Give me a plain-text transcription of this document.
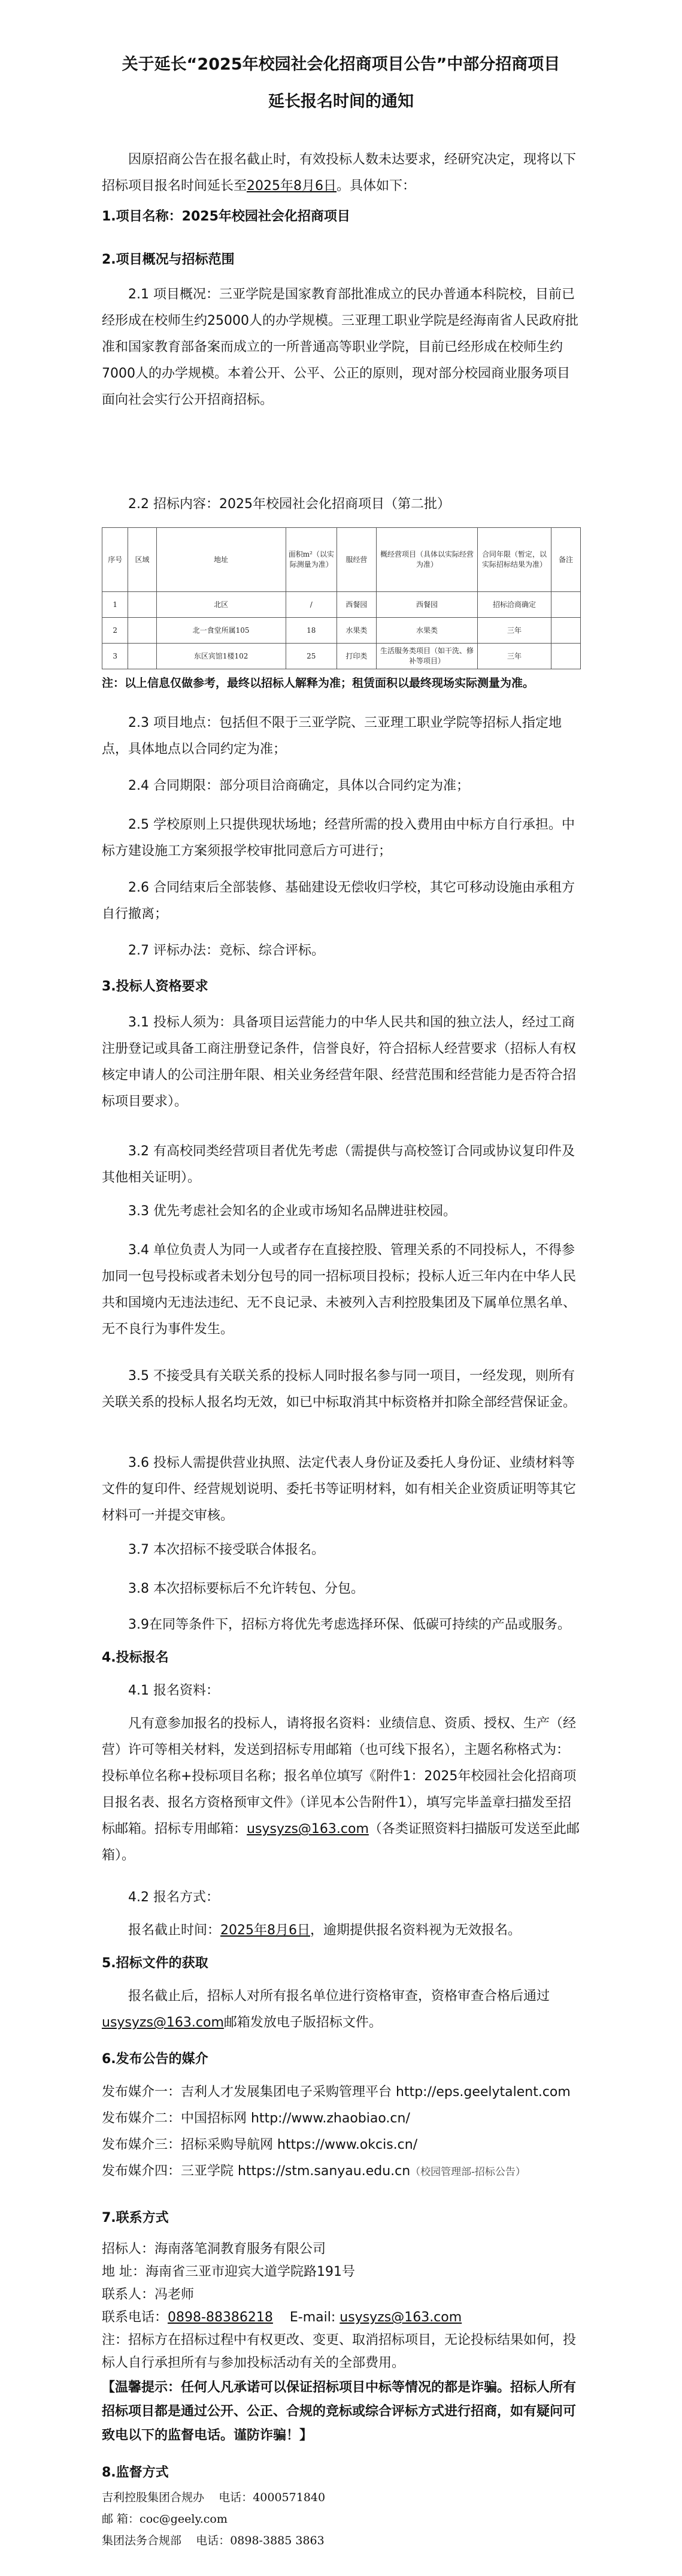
关于延长“2025年校园社会化招商项目公告”中部分招商项目
延长报名时间的通知
因原招商公告在报名截止时，有效投标人数未达要求，经研究决定，现将以下招标项目报名时间延长至2025年8月6日。具体如下：
1.项目名称：2025年校园社会化招商项目
2.项目概况与招标范围
2.1 项目概况：三亚学院是国家教育部批准成立的民办普通本科院校，目前已经形成在校师生约25000人的办学规模。三亚理工职业学院是经海南省人民政府批准和国家教育部备案而成立的一所普通高等职业学院，目前已经形成在校师生约7000人的办学规模。本着公开、公平、公正的原则，现对部分校园商业服务项目面向社会实行公开招商招标。
2.2 招标内容：2025年校园社会化招商项目（第二批）
序号	区域	地址	面积m²（以实际测量为准）	服经营	概经营项目（具体以实际经营为准）	合同年限（暂定，以实际招标结果为准）	备注
1		北区	/	西餐园	西餐园	招标洽商确定	
2		北一食堂所属105	18	水果类	水果类	三年	
3		东区宾馆1楼102	25	打印类	生活服务类项目（如干洗、修补等项目）	三年	
注：以上信息仅做参考，最终以招标人解释为准；租赁面积以最终现场实际测量为准。
2.3 项目地点：包括但不限于三亚学院、三亚理工职业学院等招标人指定地点，具体地点以合同约定为准；
2.4 合同期限：部分项目洽商确定，具体以合同约定为准；
2.5 学校原则上只提供现状场地；经营所需的投入费用由中标方自行承担。中标方建设施工方案须报学校审批同意后方可进行；
2.6 合同结束后全部装修、基础建设无偿收归学校，其它可移动设施由承租方自行撤离；
2.7 评标办法：竞标、综合评标。
3.投标人资格要求
3.1 投标人须为：具备项目运营能力的中华人民共和国的独立法人，经过工商注册登记或具备工商注册登记条件，信誉良好，符合招标人经营要求（招标人有权核定申请人的公司注册年限、相关业务经营年限、经营范围和经营能力是否符合招标项目要求）。
3.2 有高校同类经营项目者优先考虑（需提供与高校签订合同或协议复印件及其他相关证明）。
3.3 优先考虑社会知名的企业或市场知名品牌进驻校园。
3.4 单位负责人为同一人或者存在直接控股、管理关系的不同投标人，不得参加同一包号投标或者未划分包号的同一招标项目投标；投标人近三年内在中华人民共和国境内无违法违纪、无不良记录、未被列入吉利控股集团及下属单位黑名单、无不良行为事件发生。
3.5 不接受具有关联关系的投标人同时报名参与同一项目，一经发现，则所有关联关系的投标人报名均无效，如已中标取消其中标资格并扣除全部经营保证金。
3.6 投标人需提供营业执照、法定代表人身份证及委托人身份证、业绩材料等文件的复印件、经营规划说明、委托书等证明材料，如有相关企业资质证明等其它材料可一并提交审核。
3.7 本次招标不接受联合体报名。
3.8 本次招标要标后不允许转包、分包。
3.9在同等条件下，招标方将优先考虑选择环保、低碳可持续的产品或服务。
4.投标报名
4.1 报名资料：
凡有意参加报名的投标人，请将报名资料：业绩信息、资质、授权、生产（经营）许可等相关材料，发送到招标专用邮箱（也可线下报名），主题名称格式为：投标单位名称+投标项目名称；报名单位填写《附件1：2025年校园社会化招商项目报名表、报名方资格预审文件》（详见本公告附件1），填写完毕盖章扫描发至招标邮箱。招标专用邮箱：usysyzs@163.com（各类证照资料扫描版可发送至此邮箱）。
4.2 报名方式：
报名截止时间：2025年8月6日，逾期提供报名资料视为无效报名。
5.招标文件的获取
报名截止后，招标人对所有报名单位进行资格审查，资格审查合格后通过usysyzs@163.com邮箱发放电子版招标文件。
6.发布公告的媒介
发布媒介一：吉利人才发展集团电子采购管理平台 http://eps.geelytalent.com
发布媒介二：中国招标网 http://www.zhaobiao.cn/
发布媒介三：招标采购导航网 https://www.okcis.cn/
发布媒介四：三亚学院 https://stm.sanyau.edu.cn（校园管理部-招标公告）
7.联系方式
招标人：海南落笔洞教育服务有限公司
地 址：海南省三亚市迎宾大道学院路191号
联系人：冯老师
联系电话：0898-88386218    E-mail: usysyzs@163.com
注：招标方在招标过程中有权更改、变更、取消招标项目，无论投标结果如何，投标人自行承担所有与参加投标活动有关的全部费用。
【温馨提示：任何人凡承诺可以保证招标项目中标等情况的都是诈骗。招标人所有招标项目都是通过公开、公正、合规的竞标或综合评标方式进行招商，如有疑问可致电以下的监督电话。谨防诈骗！】
8.监督方式
吉利控股集团合规办 电话：4000571840
邮 箱：coc@geely.com
集团法务合规部 电话：0898-3885 3863
